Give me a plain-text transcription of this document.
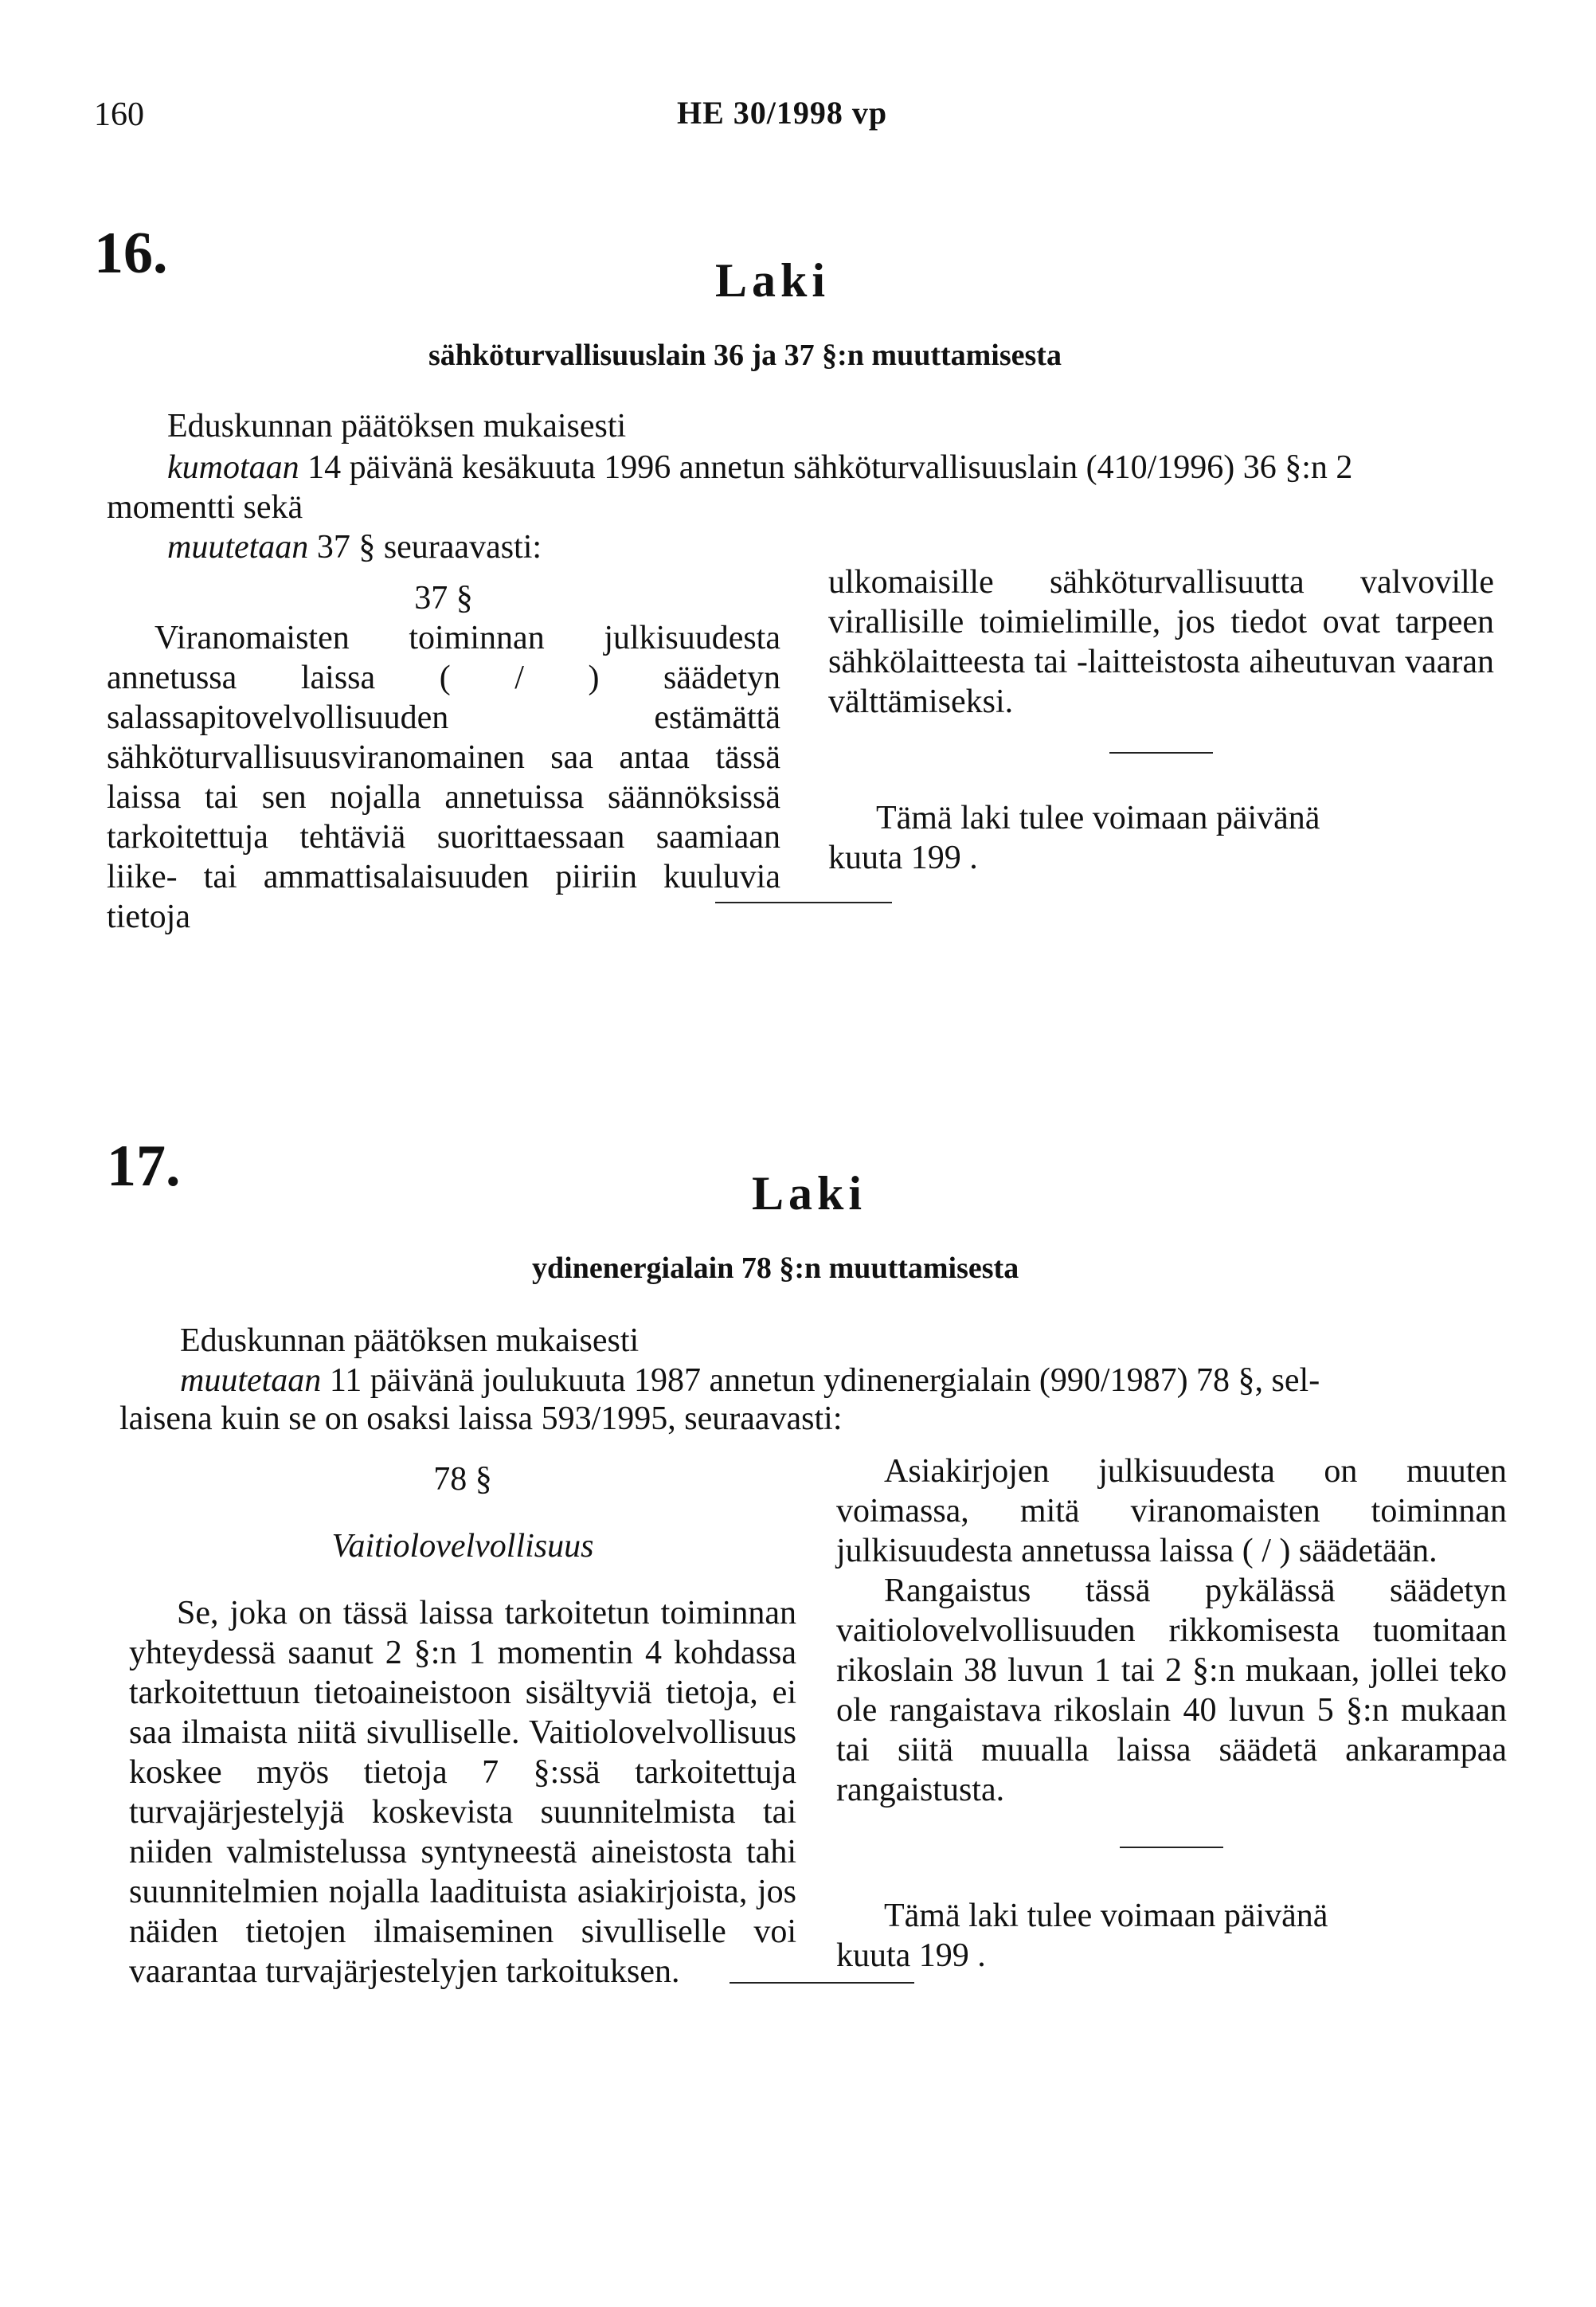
160	HE 30/1998 vp
16.	Laki
sähköturvallisuuslain 36 ja 37 §:n muuttamisesta
Eduskunnan päätöksen mukaisesti
kumotaan 14 päivänä kesäkuuta 1996 annetun sähköturvallisuuslain (410/1996) 36 §:n 2
momentti sekä
muutetaan 37 § seuraavasti:

37 §

Viranomaisten toiminnan julkisuudesta annetussa laissa ( / ) säädetyn salassapitovelvollisuuden estämättä sähköturvallisuusviranomainen saa antaa tässä laissa tai sen nojalla annetuissa säännöksissä tarkoitettuja tehtäviä suorittaessaan saamiaan liike- tai ammattisalaisuuden piiriin kuuluvia tietoja

ulkomaisille sähköturvallisuutta valvoville virallisille toimielimille, jos tiedot ovat tarpeen sähkölaitteesta tai -laitteistosta aiheutuvan vaaran välttämiseksi.

Tämä laki tulee voimaan päivänä

kuuta 199 .

17.	Laki
ydinenergialain 78 §:n muuttamisesta
Eduskunnan päätöksen mukaisesti
muutetaan 11 päivänä joulukuuta 1987 annetun ydinenergialain (990/1987) 78 §, sel-
laisena kuin se on osaksi laissa 593/1995, seuraavasti:

78 §

Vaitiolovelvollisuus

Se, joka on tässä laissa tarkoitetun toiminnan yhteydessä saanut 2 §:n 1 momentin 4 kohdassa tarkoitettuun tietoaineistoon sisältyviä tietoja, ei saa ilmaista niitä sivulliselle. Vaitiolovelvollisuus koskee myös tietoja 7 §:ssä tarkoitettuja turvajärjestelyjä koskevista suunnitelmista tai niiden valmistelussa syntyneestä aineistosta tahi suunnitelmien nojalla laadituista asiakirjoista, jos näiden tietojen ilmaiseminen sivulliselle voi vaarantaa turvajärjestelyjen tarkoituksen.

Asiakirjojen julkisuudesta on muuten voimassa, mitä viranomaisten toiminnan julkisuudesta annetussa laissa ( / ) säädetään.

Rangaistus tässä pykälässä säädetyn vaitiolovelvollisuuden rikkomisesta tuomitaan rikoslain 38 luvun 1 tai 2 §:n mukaan, jollei teko ole rangaistava rikoslain 40 luvun 5 §:n mukaan tai siitä muualla laissa säädetä ankarampaa rangaistusta.

Tämä laki tulee voimaan päivänä

kuuta 199 .
